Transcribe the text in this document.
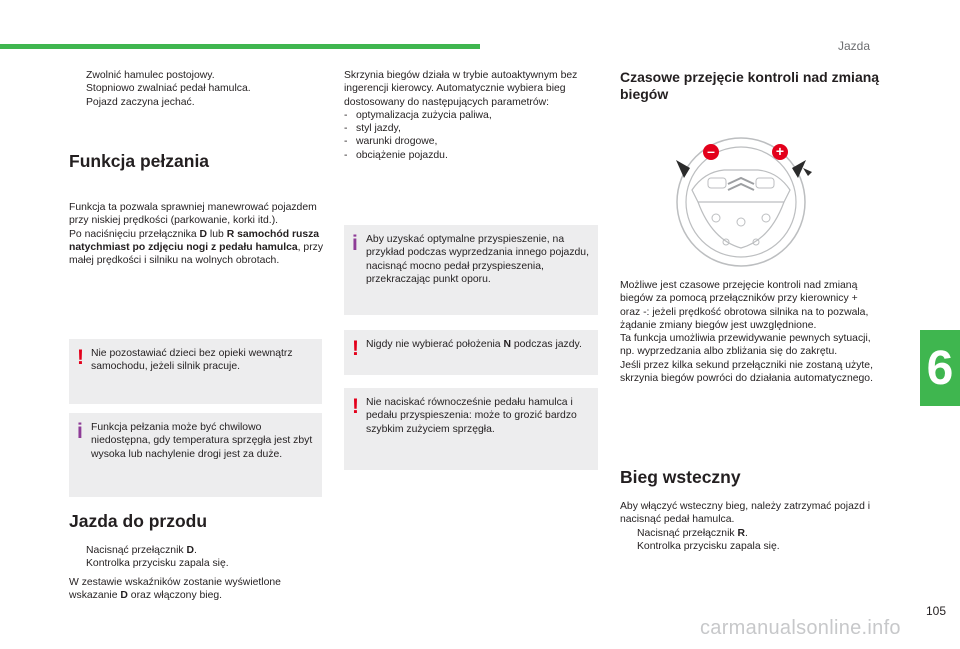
Jazda
6
105
carmanualsonline.info
Zwolnić hamulec postojowy.
Stopniowo zwalniać pedał hamulca.

Pojazd zaczyna jechać.

Funkcja pełzania

Funkcja ta pozwala sprawniej manewrować pojazdem przy niskiej prędkości (parkowanie, korki itd.).

Po naciśnięciu przełącznika D lub R samochód rusza natychmiast po zdjęciu nogi z pedału hamulca, przy małej prędkości i silniku na wolnych obrotach.

! Nie pozostawiać dzieci bez opieki wewnątrz samochodu, jeżeli silnik pracuje.
i Funkcja pełzania może być chwilowo niedostępna, gdy temperatura sprzęgła jest zbyt wysoka lub nachylenie drogi jest za duże.
Jazda do przodu
Nacisnąć przełącznik D.

Kontrolka przycisku zapala się.

W zestawie wskaźników zostanie wyświetlone wskazanie D oraz włączony bieg.

Skrzynia biegów działa w trybie autoaktywnym bez ingerencji kierowcy. Automatycznie wybiera bieg dostosowany do następujących parametrów:

- optymalizacja zużycia paliwa,
- styl jazdy,
- warunki drogowe,
- obciążenie pojazdu.
i Aby uzyskać optymalne przyspieszenie, na przykład podczas wyprzedzania innego pojazdu, nacisnąć mocno pedał przyspieszenia, przekraczając punkt oporu.
! Nigdy nie wybierać położenia N podczas jazdy.
! Nie naciskać równocześnie pedału hamulca i pedału przyspieszenia: może to grozić bardzo szybkim zużyciem sprzęgła.
Czasowe przejęcie kontroli nad zmianą biegów
–	+

Możliwe jest czasowe przejęcie kontroli nad zmianą biegów za pomocą przełączników przy kierownicy + oraz -: jeżeli prędkość obrotowa silnika na to pozwala, żądanie zmiany biegów jest uwzględnione.

Ta funkcja umożliwia przewidywanie pewnych sytuacji, np. wyprzedzania albo zbliżania się do zakrętu.

Jeśli przez kilka sekund przełączniki nie zostaną użyte, skrzynia biegów powróci do działania automatycznego.

Bieg wsteczny

Aby włączyć wsteczny bieg, należy zatrzymać pojazd i nacisnąć pedał hamulca.

Nacisnąć przełącznik R.

Kontrolka przycisku zapala się.
